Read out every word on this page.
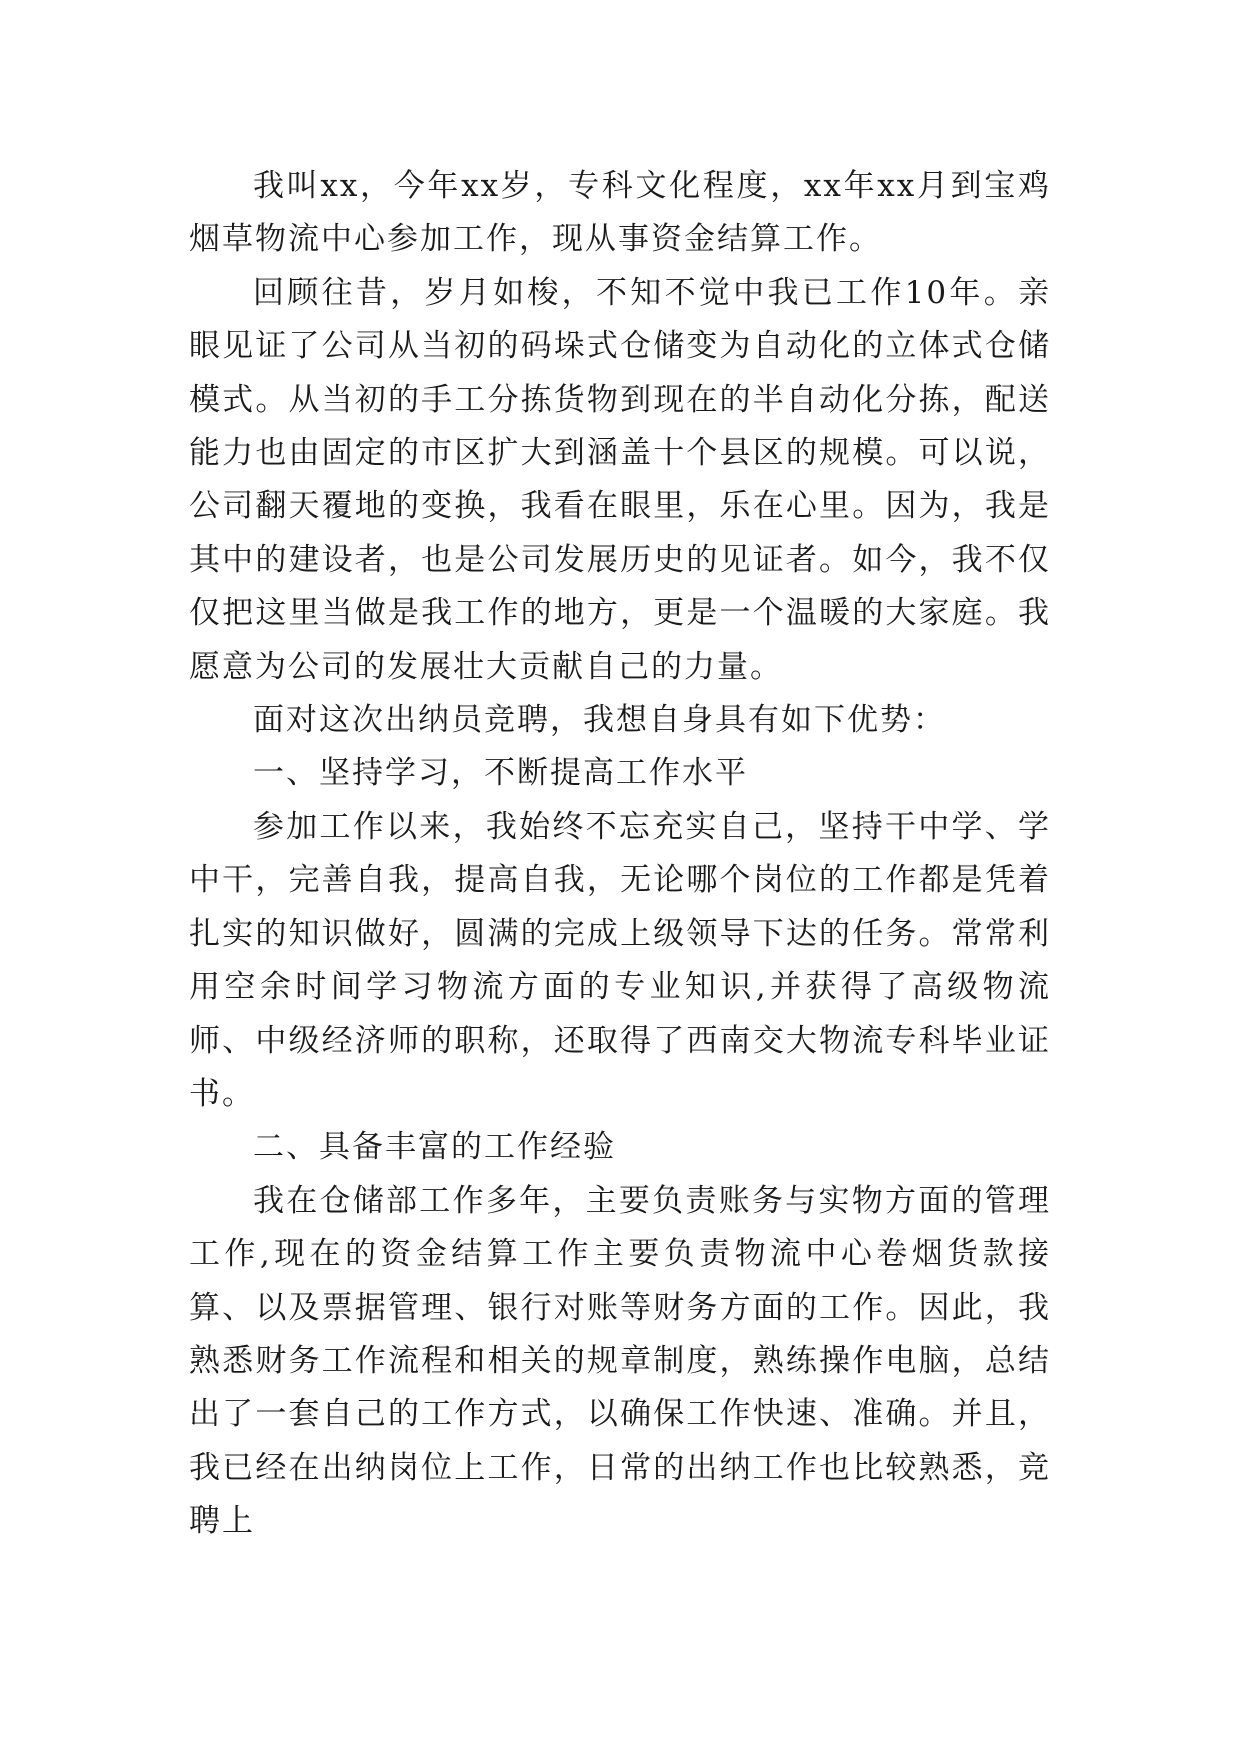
我叫xx，今年xx岁，专科文化程度，xx年xx月到宝鸡烟草物流中心参加工作，现从事资金结算工作。

回顾往昔，岁月如梭，不知不觉中我已工作10年。亲眼见证了公司从当初的码垛式仓储变为自动化的立体式仓储模式。从当初的手工分拣货物到现在的半自动化分拣，配送能力也由固定的市区扩大到涵盖十个县区的规模。可以说，公司翻天覆地的变换，我看在眼里，乐在心里。因为，我是其中的建设者，也是公司发展历史的见证者。如今，我不仅仅把这里当做是我工作的地方，更是一个温暖的大家庭。我愿意为公司的发展壮大贡献自己的力量。

面对这次出纳员竞聘，我想自身具有如下优势：

一、坚持学习，不断提高工作水平

参加工作以来，我始终不忘充实自己，坚持干中学、学中干，完善自我，提高自我，无论哪个岗位的工作都是凭着扎实的知识做好，圆满的完成上级领导下达的任务。常常利用空余时间学习物流方面的专业知识,并获得了高级物流师、中级经济师的职称，还取得了西南交大物流专科毕业证书。

二、具备丰富的工作经验

我在仓储部工作多年，主要负责账务与实物方面的管理工作,现在的资金结算工作主要负责物流中心卷烟货款接算、以及票据管理、银行对账等财务方面的工作。因此，我熟悉财务工作流程和相关的规章制度，熟练操作电脑，总结出了一套自己的工作方式，以确保工作快速、准确。并且，我已经在出纳岗位上工作，日常的出纳工作也比较熟悉，竞聘上
